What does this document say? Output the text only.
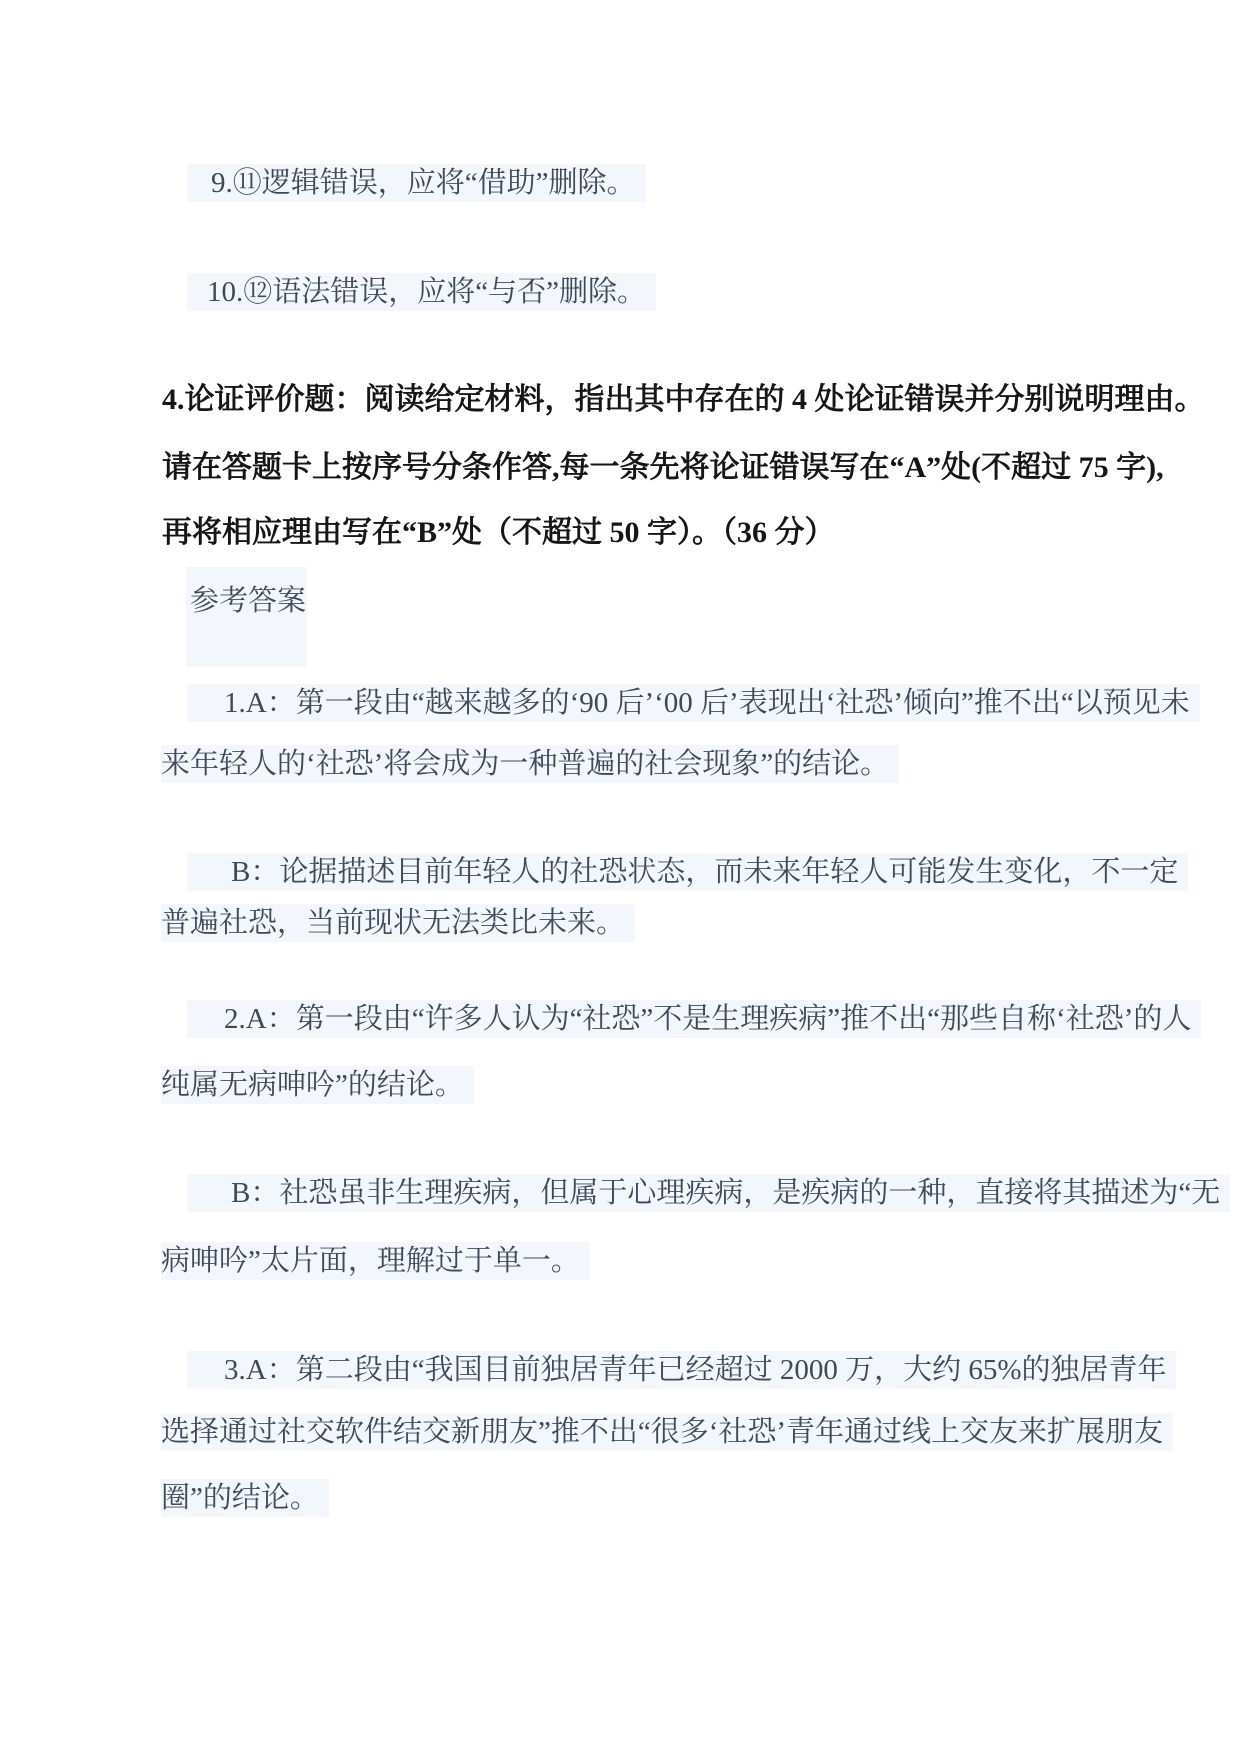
9.⑪逻辑错误，应将“借助”删除。
10.⑫语法错误，应将“与否”删除。
4.论证评价题：阅读给定材料，指出其中存在的 4 处论证错误并分别说明理由。
请在答题卡上按序号分条作答,每一条先将论证错误写在“A”处(不超过 75 字),
再将相应理由写在“B”处（不超过 50 字）。（36 分）
参考答案
1.A：第一段由“越来越多的‘90 后’‘00 后’表现出‘社恐’倾向”推不出“以预见未
来年轻人的‘社恐’将会成为一种普遍的社会现象”的结论。
B：论据描述目前年轻人的社恐状态，而未来年轻人可能发生变化，不一定
普遍社恐，当前现状无法类比未来。
2.A：第一段由“许多人认为“社恐”不是生理疾病”推不出“那些自称‘社恐’的人
纯属无病呻吟”的结论。
B：社恐虽非生理疾病，但属于心理疾病，是疾病的一种，直接将其描述为“无
病呻吟”太片面，理解过于单一。
3.A：第二段由“我国目前独居青年已经超过 2000 万，大约 65%的独居青年
选择通过社交软件结交新朋友”推不出“很多‘社恐’青年通过线上交友来扩展朋友
圈”的结论。
